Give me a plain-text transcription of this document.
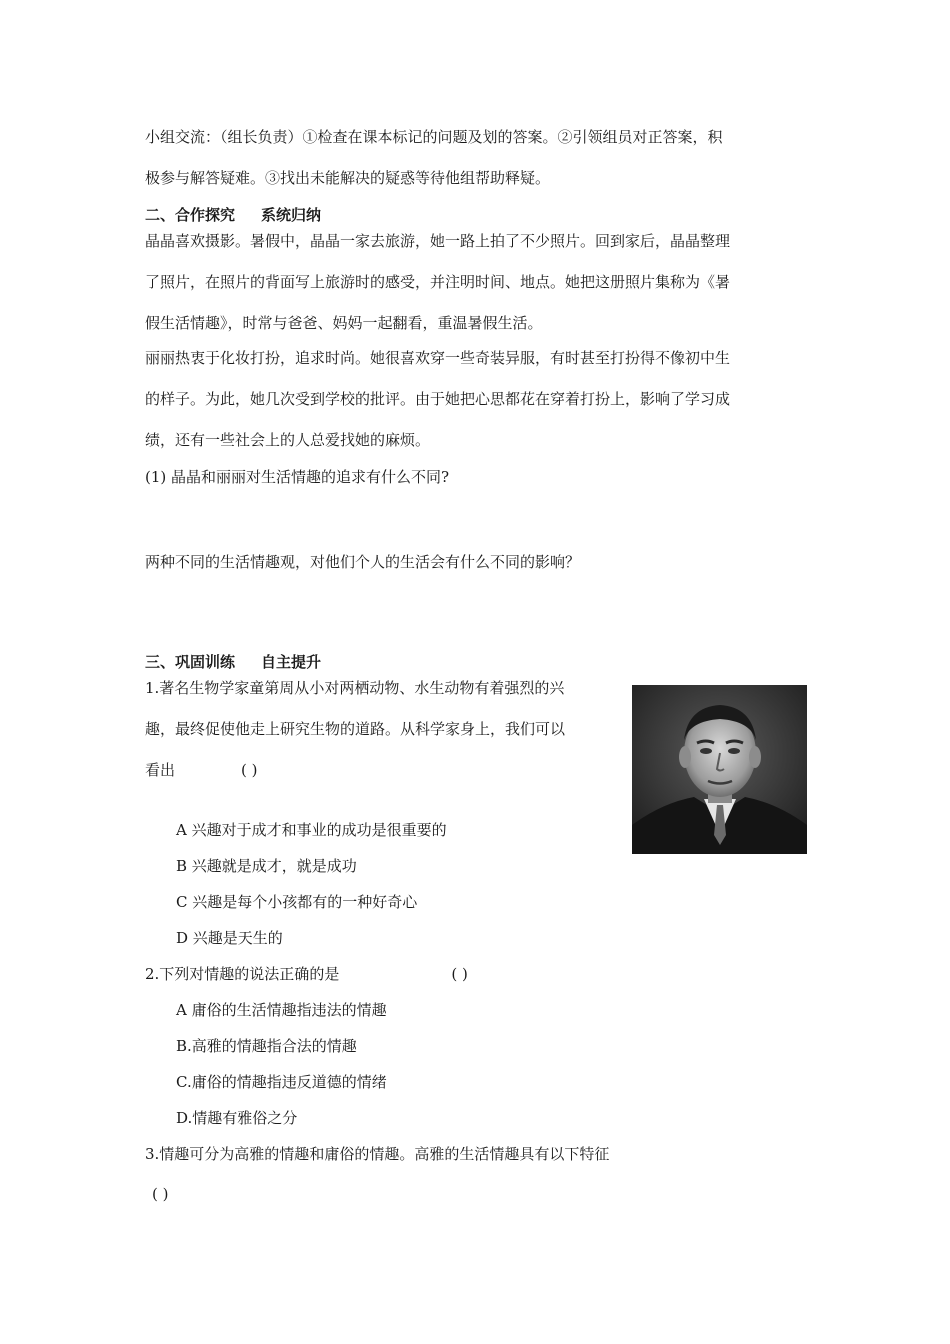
小组交流：（组长负责）①检查在课本标记的问题及划的答案。②引领组员对正答案，积
极参与解答疑难。③找出未能解决的疑惑等待他组帮助释疑。
二、合作探究 系统归纳
晶晶喜欢摄影。暑假中，晶晶一家去旅游，她一路上拍了不少照片。回到家后，晶晶整理
了照片，在照片的背面写上旅游时的感受，并注明时间、地点。她把这册照片集称为《暑
假生活情趣》，时常与爸爸、妈妈一起翻看，重温暑假生活。
丽丽热衷于化妆打扮，追求时尚。她很喜欢穿一些奇装异服，有时甚至打扮得不像初中生
的样子。为此，她几次受到学校的批评。由于她把心思都花在穿着打扮上，影响了学习成
绩，还有一些社会上的人总爱找她的麻烦。
(1) 晶晶和丽丽对生活情趣的追求有什么不同?
两种不同的生活情趣观，对他们个人的生活会有什么不同的影响？
三、巩固训练 自主提升
1.著名生物学家童第周从小对两栖动物、水生动物有着强烈的兴
趣，最终促使他走上研究生物的道路。从科学家身上，我们可以
看出	( )
A 兴趣对于成才和事业的成功是很重要的
B 兴趣就是成才，就是成功
C 兴趣是每个小孩都有的一种好奇心
D 兴趣是天生的
2.下列对情趣的说法正确的是	( )
A 庸俗的生活情趣指违法的情趣
B.高雅的情趣指合法的情趣
C.庸俗的情趣指违反道德的情绪
D.情趣有雅俗之分
3.情趣可分为高雅的情趣和庸俗的情趣。高雅的生活情趣具有以下特征
( )
